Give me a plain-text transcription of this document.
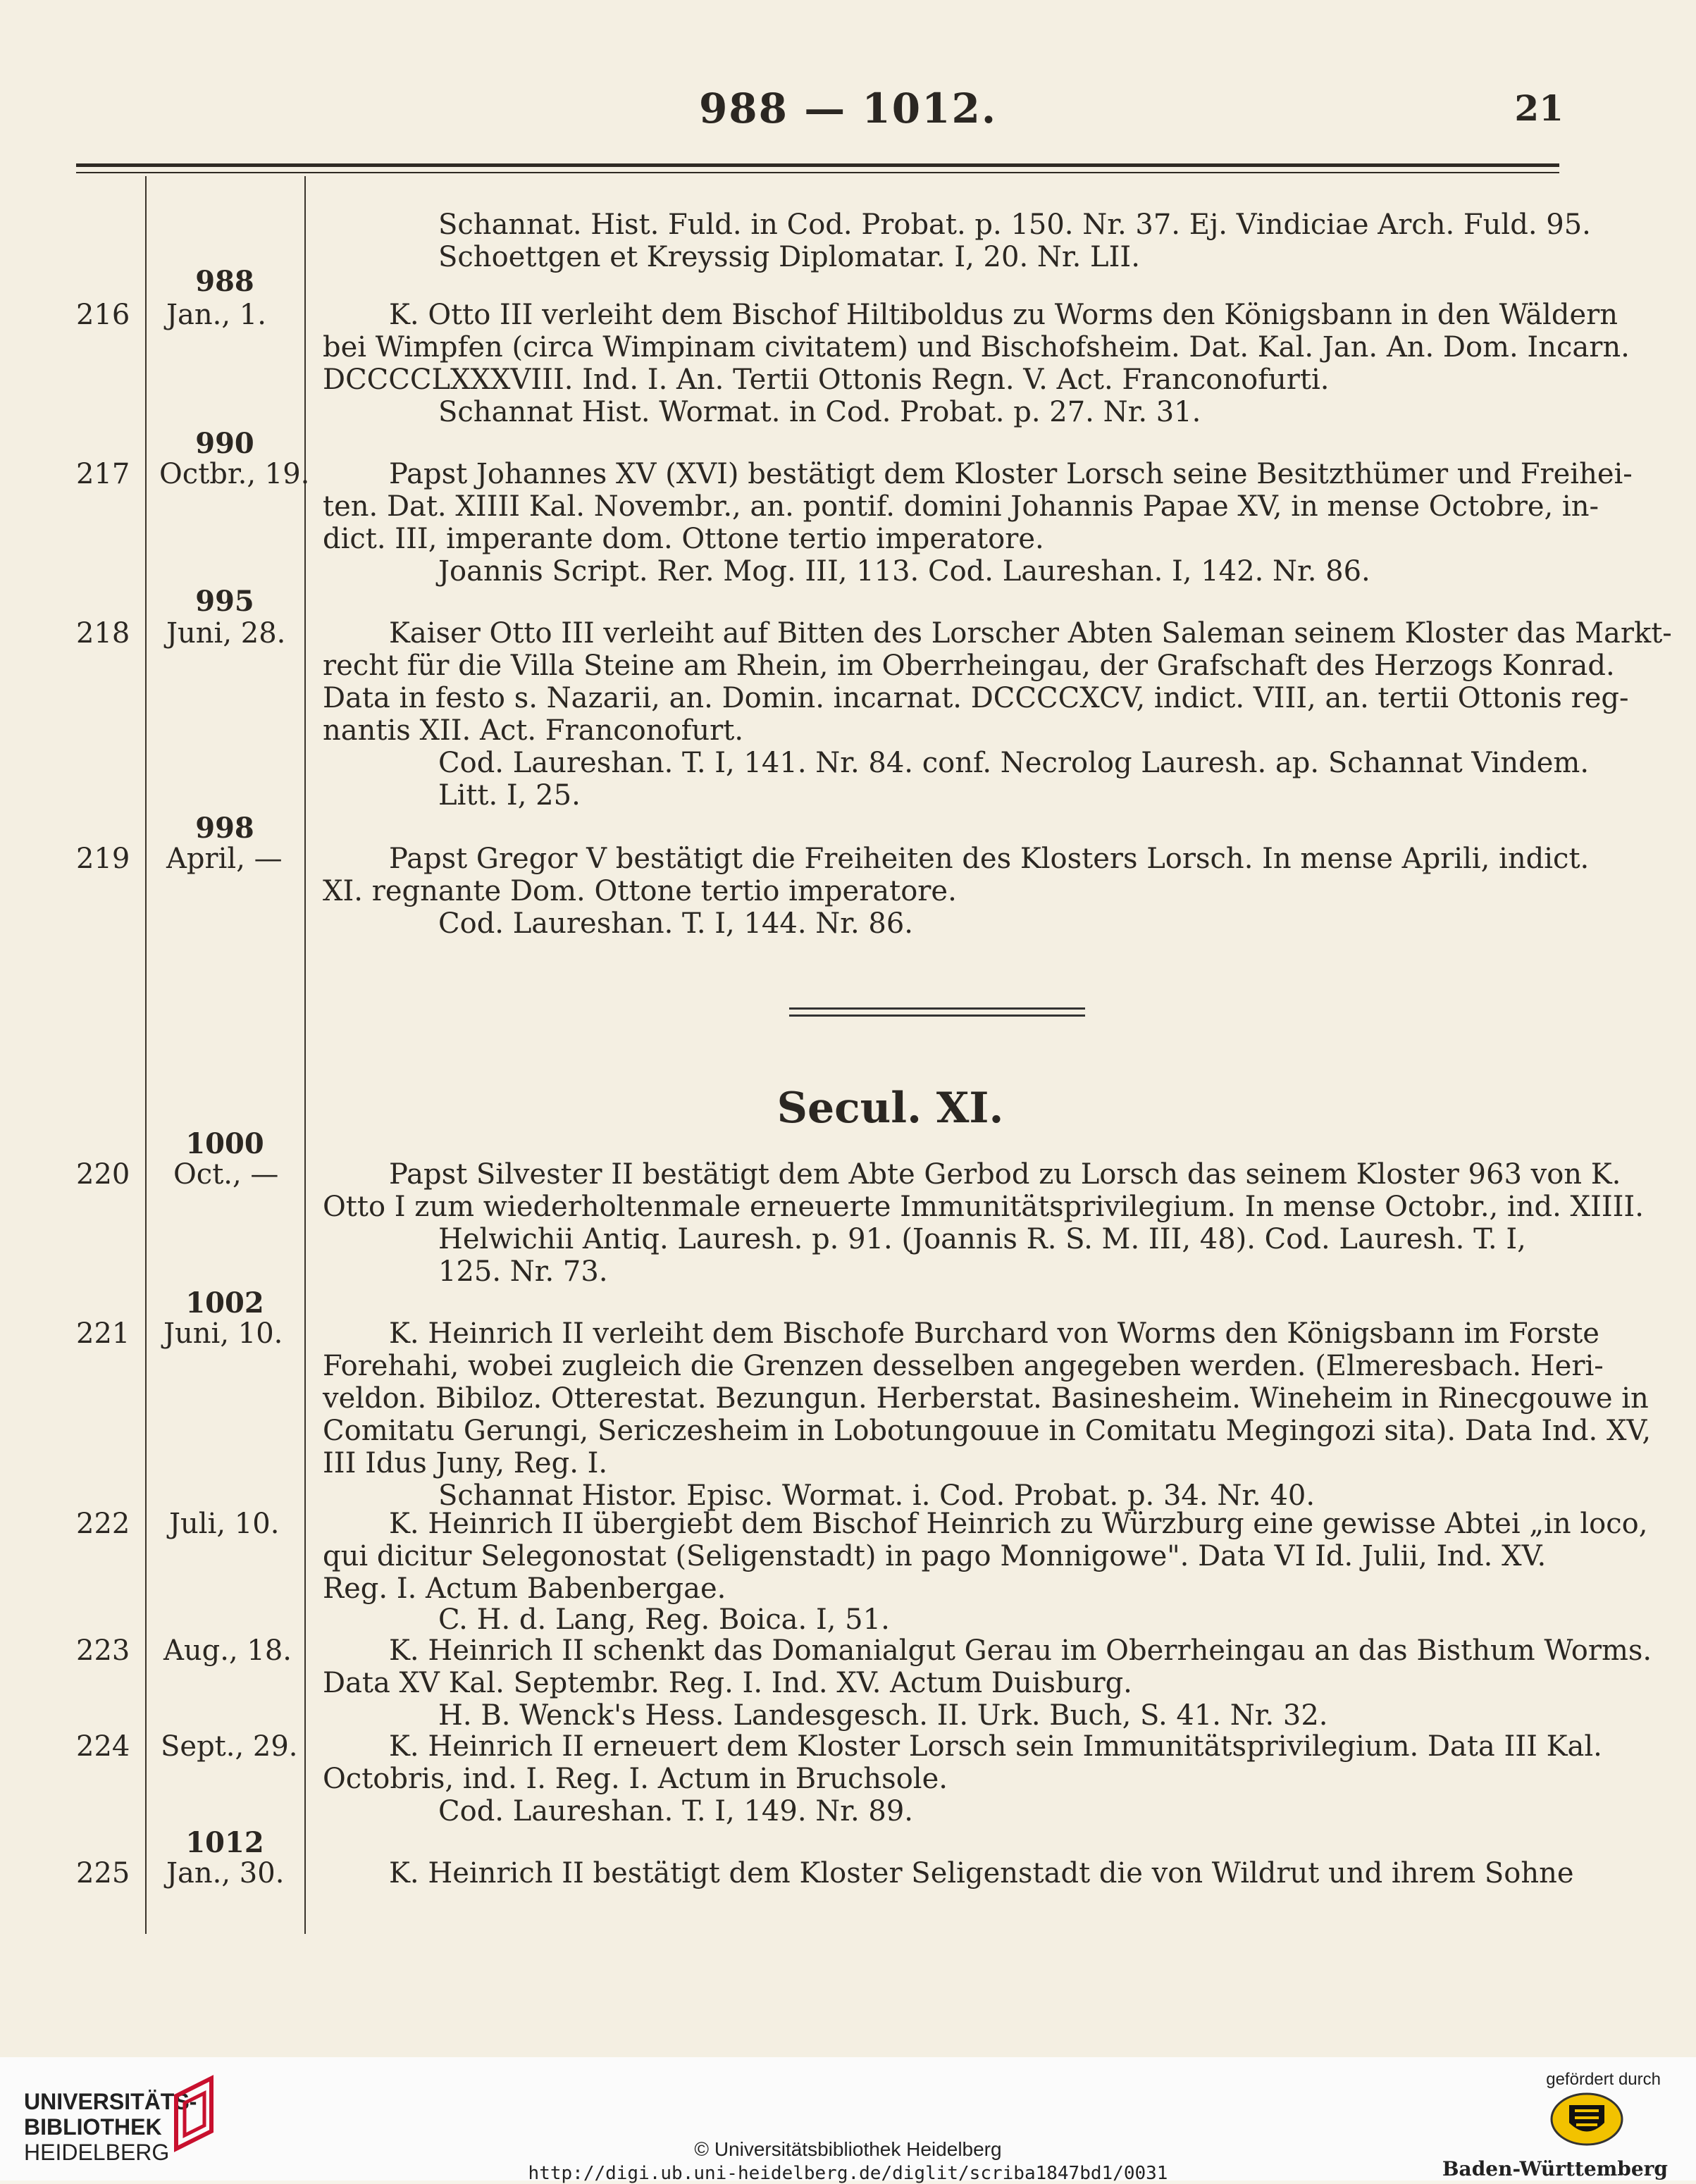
988 — 1012.	21
988
990
995
998
1000
1002
1012
216
217
218
219
220
221
222
223
224
225
Jan., 1.
Octbr., 19.
Juni, 28.
April, —
Oct., —
Juni, 10.
Juli, 10.
Aug., 18.
Sept., 29.
Jan., 30.
Schannat. Hist. Fuld. in Cod. Probat. p. 150. Nr. 37. Ej. Vindiciae Arch. Fuld. 95.
Schoettgen et Kreyssig Diplomatar. I, 20. Nr. LII.
K. Otto III verleiht dem Bischof Hiltiboldus zu Worms den Königsbann in den Wäldern
bei Wimpfen (circa Wimpinam civitatem) und Bischofsheim. Dat. Kal. Jan. An. Dom. Incarn.
DCCCCLXXXVIII. Ind. I. An. Tertii Ottonis Regn. V. Act. Franconofurti.
Schannat Hist. Wormat. in Cod. Probat. p. 27. Nr. 31.
Papst Johannes XV (XVI) bestätigt dem Kloster Lorsch seine Besitzthümer und Freihei-
ten. Dat. XIIII Kal. Novembr., an. pontif. domini Johannis Papae XV, in mense Octobre, in-
dict. III, imperante dom. Ottone tertio imperatore.
Joannis Script. Rer. Mog. III, 113. Cod. Laureshan. I, 142. Nr. 86.
Kaiser Otto III verleiht auf Bitten des Lorscher Abten Saleman seinem Kloster das Markt-
recht für die Villa Steine am Rhein, im Oberrheingau, der Grafschaft des Herzogs Konrad.
Data in festo s. Nazarii, an. Domin. incarnat. DCCCCXCV, indict. VIII, an. tertii Ottonis reg-
nantis XII. Act. Franconofurt.
Cod. Laureshan. T. I, 141. Nr. 84. conf. Necrolog Lauresh. ap. Schannat Vindem.
Litt. I, 25.
Papst Gregor V bestätigt die Freiheiten des Klosters Lorsch. In mense Aprili, indict.
XI. regnante Dom. Ottone tertio imperatore.
Cod. Laureshan. T. I, 144. Nr. 86.
Secul. XI.
Papst Silvester II bestätigt dem Abte Gerbod zu Lorsch das seinem Kloster 963 von K.
Otto I zum wiederholtenmale erneuerte Immunitätsprivilegium. In mense Octobr., ind. XIIII.
Helwichii Antiq. Lauresh. p. 91. (Joannis R. S. M. III, 48). Cod. Lauresh. T. I,
125. Nr. 73.
K. Heinrich II verleiht dem Bischofe Burchard von Worms den Königsbann im Forste
Forehahi, wobei zugleich die Grenzen desselben angegeben werden. (Elmeresbach. Heri-
veldon. Bibiloz. Otterestat. Bezungun. Herberstat. Basinesheim. Wineheim in Rinecgouwe in
Comitatu Gerungi, Sericzesheim in Lobotungouue in Comitatu Megingozi sita). Data Ind. XV,
III Idus Juny, Reg. I.
Schannat Histor. Episc. Wormat. i. Cod. Probat. p. 34. Nr. 40.
K. Heinrich II übergiebt dem Bischof Heinrich zu Würzburg eine gewisse Abtei „in loco,
qui dicitur Selegonostat (Seligenstadt) in pago Monnigowe". Data VI Id. Julii, Ind. XV.
Reg. I. Actum Babenbergae.
C. H. d. Lang, Reg. Boica. I, 51.
K. Heinrich II schenkt das Domanialgut Gerau im Oberrheingau an das Bisthum Worms.
Data XV Kal. Septembr. Reg. I. Ind. XV. Actum Duisburg.
H. B. Wenck's Hess. Landesgesch. II. Urk. Buch, S. 41. Nr. 32.
K. Heinrich II erneuert dem Kloster Lorsch sein Immunitätsprivilegium. Data III Kal.
Octobris, ind. I. Reg. I. Actum in Bruchsole.
Cod. Laureshan. T. I, 149. Nr. 89.
K. Heinrich II bestätigt dem Kloster Seligenstadt die von Wildrut und ihrem Sohne
UNIVERSITÄTS-
BIBLIOTHEK
HEIDELBERG	© Universitätsbibliothek Heidelberg
http://digi.ub.uni-heidelberg.de/diglit/scriba1847bd1/0031
gefördert durch
Baden-Württemberg
